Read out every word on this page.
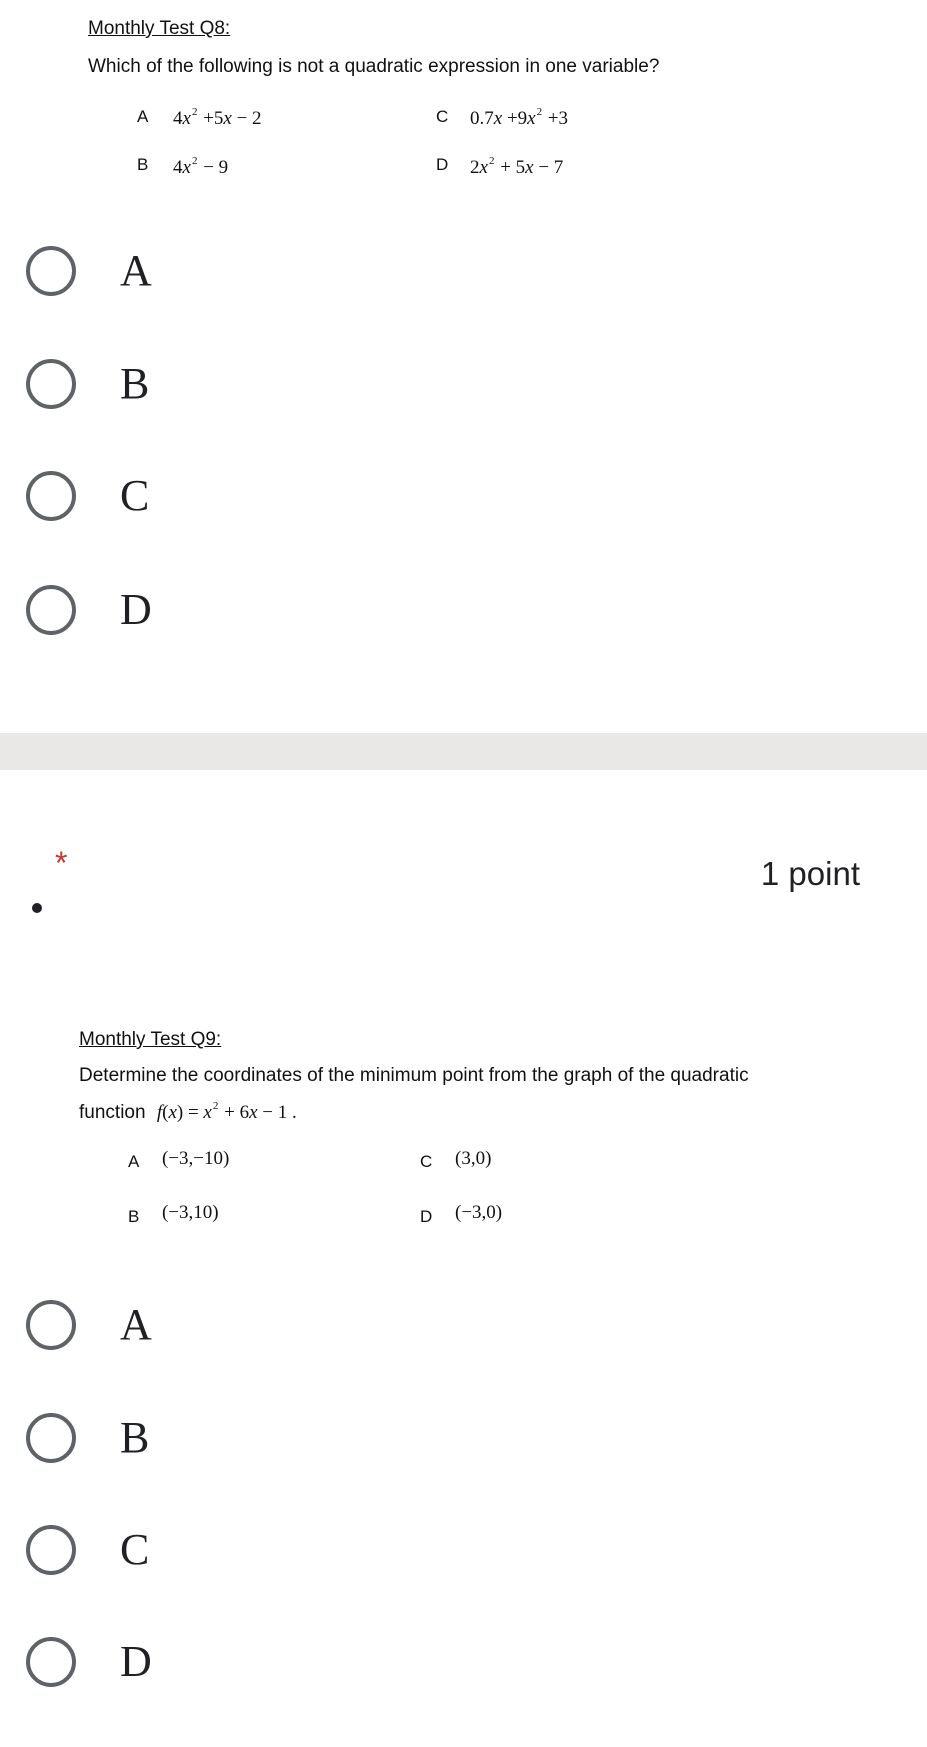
Monthly Test Q8:
Which of the following is not a quadratic expression in one variable?
A $4x^2 +5x - 2$	C $0.7x +9x^2 +3$
B $4x^2 - 9$	D $2x^2 + 5x - 7$
A
B
C
D
*	1 point
Monthly Test Q9:
Determine the coordinates of the minimum point from the graph of the quadratic
function $f(x) = x^2 + 6x - 1$ .
A (−3,−10)	C (3,0)
B (−3,10)	D (−3,0)
A
B
C
D
